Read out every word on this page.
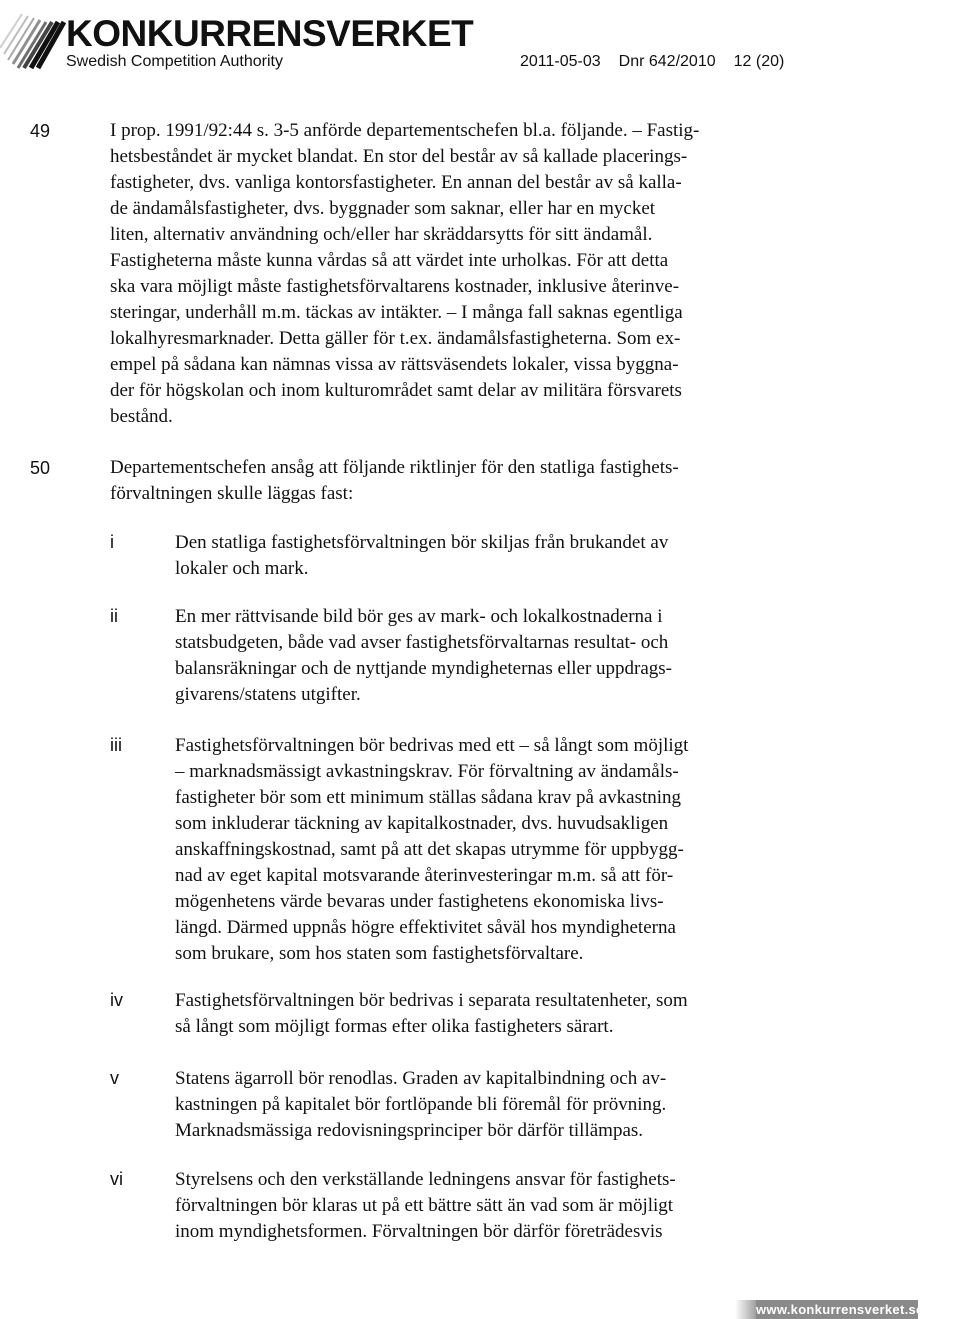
KONKURRENSVERKET
Swedish Competition Authority	2011-05-03 Dnr 642/2010 12 (20)
49	I prop. 1991/92:44 s. 3-5 anförde departementschefen bl.a. följande. – Fastig-
hetsbeståndet är mycket blandat. En stor del består av så kallade placerings-
fastigheter, dvs. vanliga kontorsfastigheter. En annan del består av så kalla-
de ändamålsfastigheter, dvs. byggnader som saknar, eller har en mycket
liten, alternativ användning och/eller har skräddarsytts för sitt ändamål.
Fastigheterna måste kunna vårdas så att värdet inte urholkas. För att detta
ska vara möjligt måste fastighetsförvaltarens kostnader, inklusive återinve-
steringar, underhåll m.m. täckas av intäkter. – I många fall saknas egentliga
lokalhyresmarknader. Detta gäller för t.ex. ändamålsfastigheterna. Som ex-
empel på sådana kan nämnas vissa av rättsväsendets lokaler, vissa byggna-
der för högskolan och inom kulturområdet samt delar av militära försvarets
bestånd.
50	Departementschefen ansåg att följande riktlinjer för den statliga fastighets-
förvaltningen skulle läggas fast:
i	Den statliga fastighetsförvaltningen bör skiljas från brukandet av
lokaler och mark.
ii	En mer rättvisande bild bör ges av mark- och lokalkostnaderna i
statsbudgeten, både vad avser fastighetsförvaltarnas resultat- och
balansräkningar och de nyttjande myndigheternas eller uppdrags-
givarens/statens utgifter.
iii	Fastighetsförvaltningen bör bedrivas med ett – så långt som möjligt
– marknadsmässigt avkastningskrav. För förvaltning av ändamåls-
fastigheter bör som ett minimum ställas sådana krav på avkastning
som inkluderar täckning av kapitalkostnader, dvs. huvudsakligen
anskaffningskostnad, samt på att det skapas utrymme för uppbygg-
nad av eget kapital motsvarande återinvesteringar m.m. så att för-
mögenhetens värde bevaras under fastighetens ekonomiska livs-
längd. Därmed uppnås högre effektivitet såväl hos myndigheterna
som brukare, som hos staten som fastighetsförvaltare.
iv	Fastighetsförvaltningen bör bedrivas i separata resultatenheter, som
så långt som möjligt formas efter olika fastigheters särart.
v	Statens ägarroll bör renodlas. Graden av kapitalbindning och av-
kastningen på kapitalet bör fortlöpande bli föremål för prövning.
Marknadsmässiga redovisningsprinciper bör därför tillämpas.
vi	Styrelsens och den verkställande ledningens ansvar för fastighets-
förvaltningen bör klaras ut på ett bättre sätt än vad som är möjligt
inom myndighetsformen. Förvaltningen bör därför företrädesvis
www.konkurrensverket.se
